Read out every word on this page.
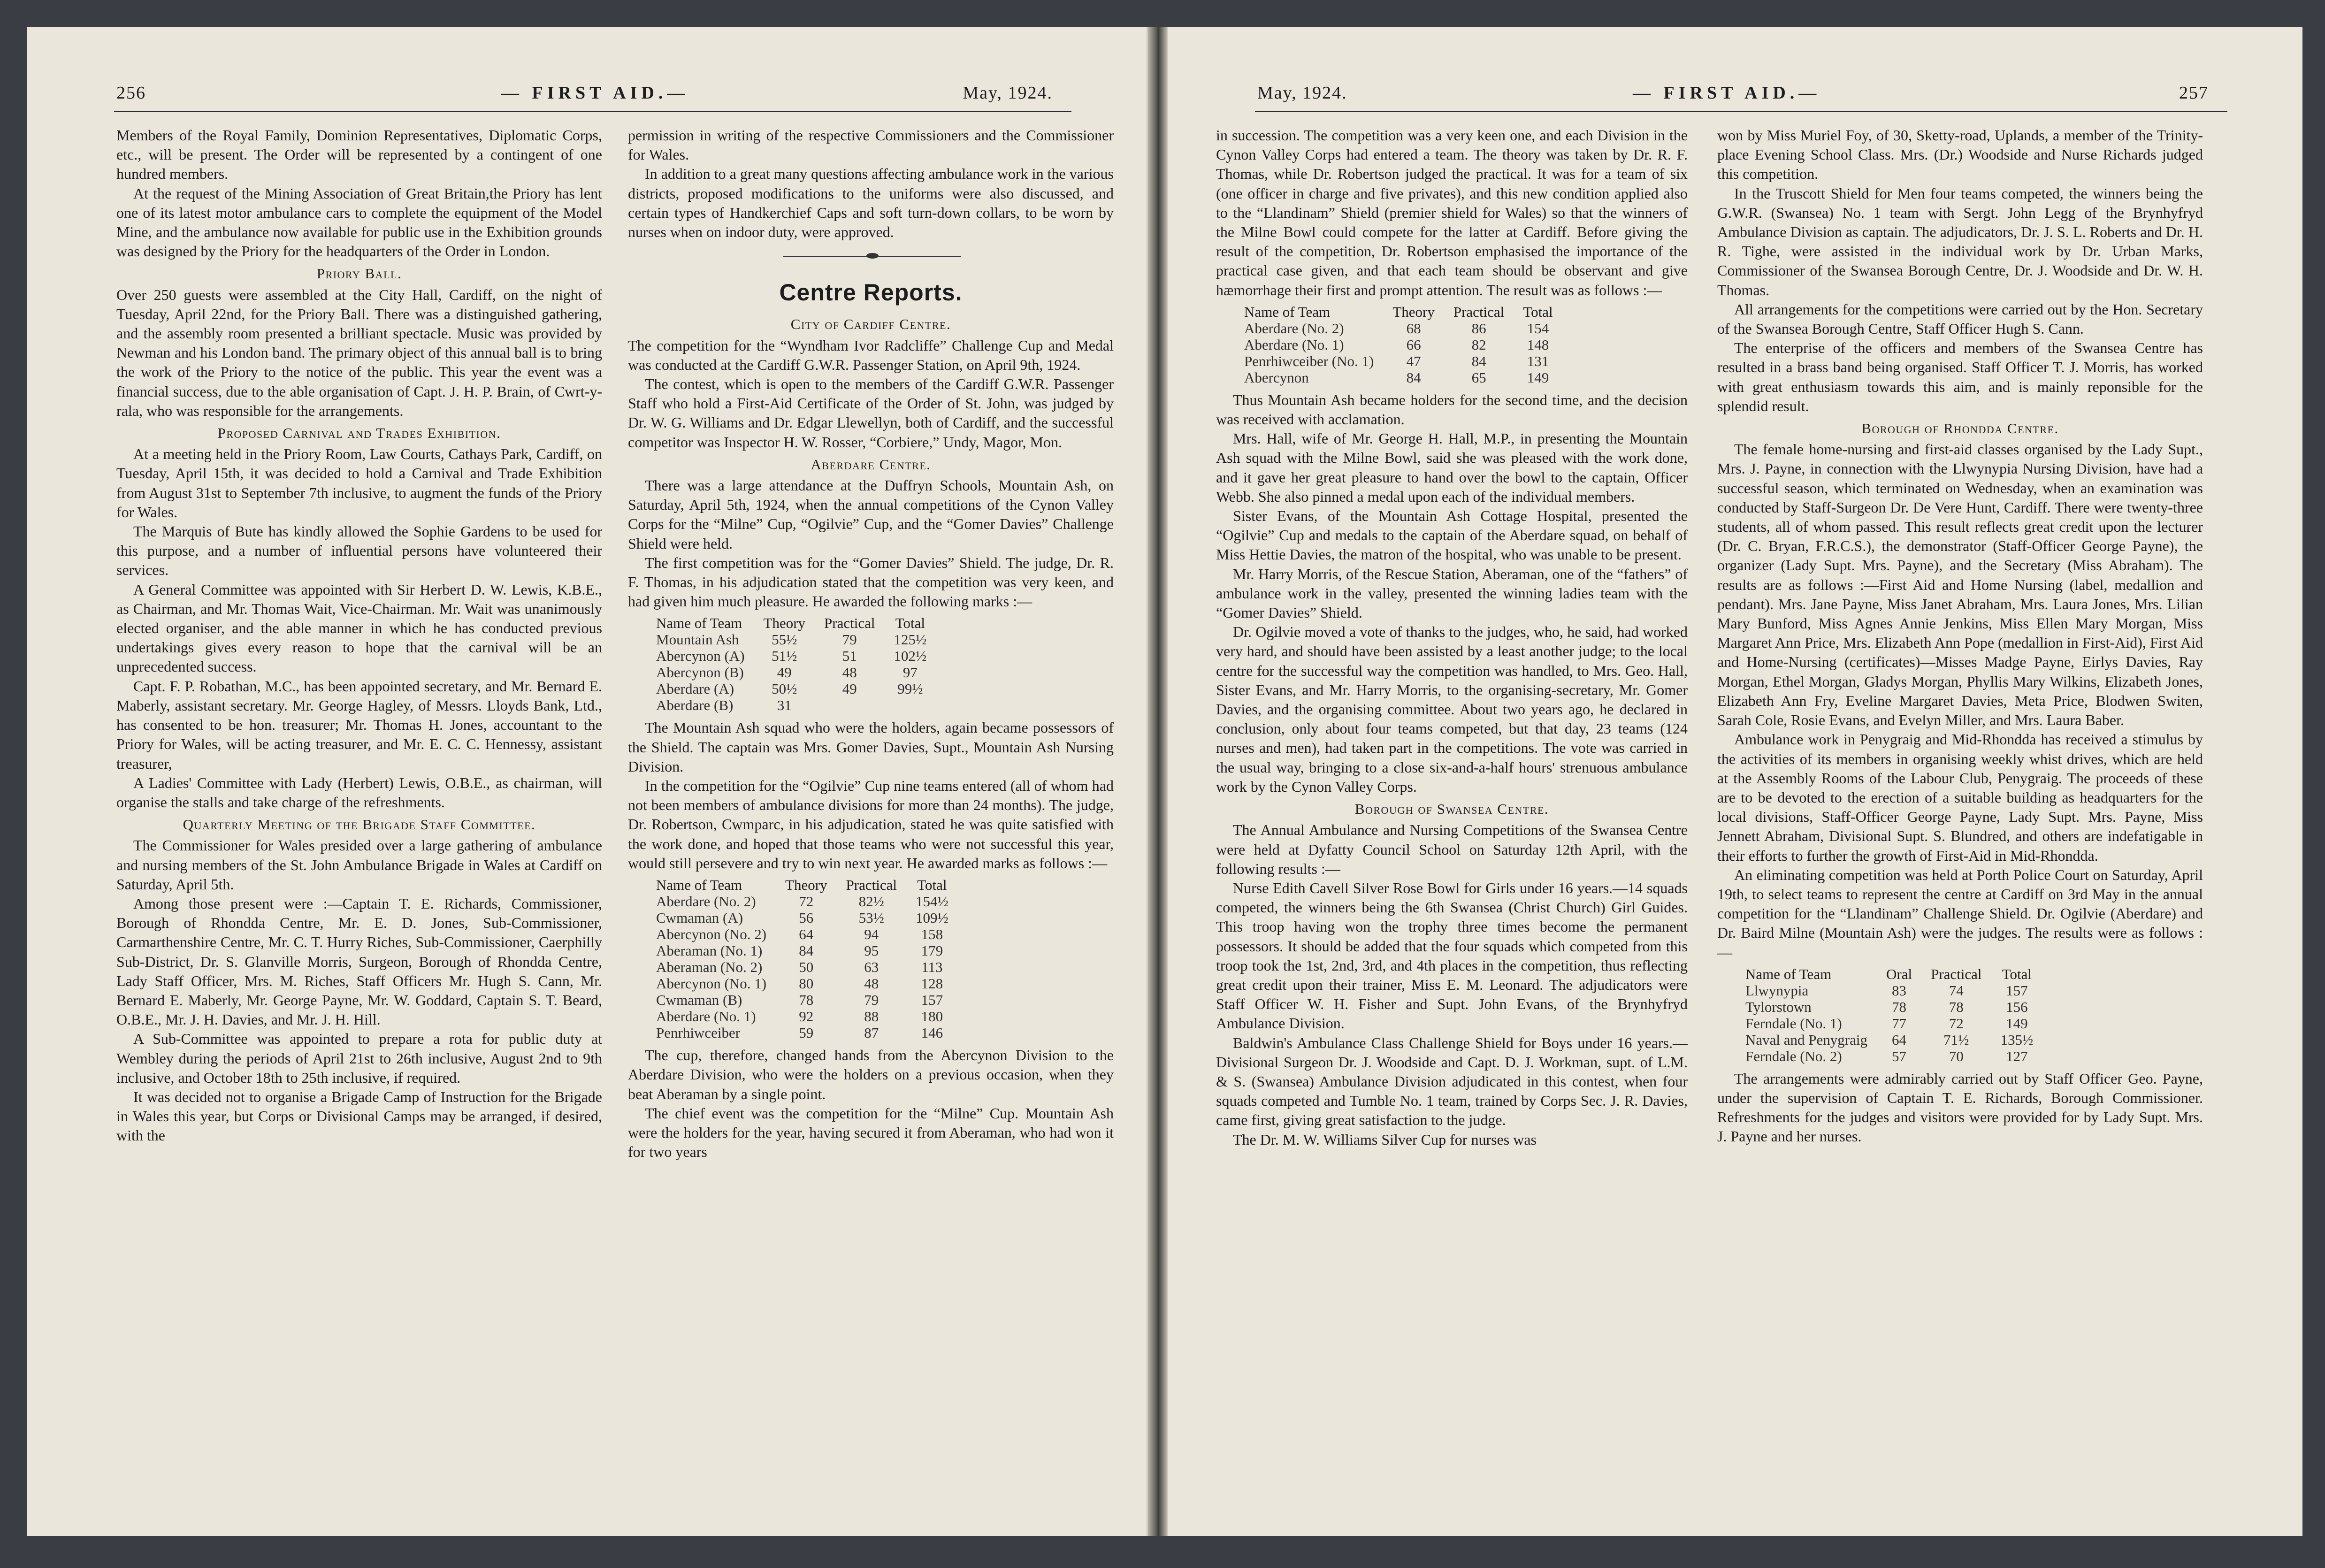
256	— FIRST AID.—	May, 1924.

Members of the Royal Family, Dominion Representatives, Diplomatic Corps, etc., will be present. The Order will be represented by a contingent of one hundred members.

At the request of the Mining Association of Great Britain,the Priory has lent one of its latest motor ambulance cars to complete the equipment of the Model Mine, and the ambulance now available for public use in the Exhibition grounds was designed by the Priory for the headquarters of the Order in London.

Priory Ball.

Over 250 guests were assembled at the City Hall, Cardiff, on the night of Tuesday, April 22nd, for the Priory Ball. There was a distinguished gathering, and the assembly room presented a brilliant spectacle. Music was provided by Newman and his London band. The primary object of this annual ball is to bring the work of the Priory to the notice of the public. This year the event was a financial success, due to the able organisation of Capt. J. H. P. Brain, of Cwrt-y-rala, who was responsible for the arrangements.

Proposed Carnival and Trades Exhibition.

At a meeting held in the Priory Room, Law Courts, Cathays Park, Cardiff, on Tuesday, April 15th, it was decided to hold a Carnival and Trade Exhibition from August 31st to September 7th inclusive, to augment the funds of the Priory for Wales.

The Marquis of Bute has kindly allowed the Sophie Gardens to be used for this purpose, and a number of influential persons have volunteered their services.

A General Committee was appointed with Sir Herbert D. W. Lewis, K.B.E., as Chairman, and Mr. Thomas Wait, Vice-Chairman. Mr. Wait was unanimously elected organiser, and the able manner in which he has conducted previous undertakings gives every reason to hope that the carnival will be an unprecedented success.

Capt. F. P. Robathan, M.C., has been appointed secretary, and Mr. Bernard E. Maberly, assistant secretary. Mr. George Hagley, of Messrs. Lloyds Bank, Ltd., has consented to be hon. treasurer; Mr. Thomas H. Jones, accountant to the Priory for Wales, will be acting treasurer, and Mr. E. C. C. Hennessy, assistant treasurer,

A Ladies' Committee with Lady (Herbert) Lewis, O.B.E., as chairman, will organise the stalls and take charge of the refreshments.

Quarterly Meeting of the Brigade Staff Committee.

The Commissioner for Wales presided over a large gathering of ambulance and nursing members of the St. John Ambulance Brigade in Wales at Cardiff on Saturday, April 5th.

Among those present were :—Captain T. E. Richards, Commissioner, Borough of Rhondda Centre, Mr. E. D. Jones, Sub-Commissioner, Carmarthenshire Centre, Mr. C. T. Hurry Riches, Sub-Commissioner, Caerphilly Sub-District, Dr. S. Glanville Morris, Surgeon, Borough of Rhondda Centre, Lady Staff Officer, Mrs. M. Riches, Staff Officers Mr. Hugh S. Cann, Mr. Bernard E. Maberly, Mr. George Payne, Mr. W. Goddard, Captain S. T. Beard, O.B.E., Mr. J. H. Davies, and Mr. J. H. Hill.

A Sub-Committee was appointed to prepare a rota for public duty at Wembley during the periods of April 21st to 26th inclusive, August 2nd to 9th inclusive, and October 18th to 25th inclusive, if required.

It was decided not to organise a Brigade Camp of Instruction for the Brigade in Wales this year, but Corps or Divisional Camps may be arranged, if desired, with the

permission in writing of the respective Commissioners and the Commissioner for Wales.

In addition to a great many questions affecting ambulance work in the various districts, proposed modifications to the uniforms were also discussed, and certain types of Handkerchief Caps and soft turn-down collars, to be worn by nurses when on indoor duty, were approved.

Centre Reports.
City of Cardiff Centre.

The competition for the “Wyndham Ivor Radcliffe” Challenge Cup and Medal was conducted at the Cardiff G.W.R. Passenger Station, on April 9th, 1924.

The contest, which is open to the members of the Cardiff G.W.R. Passenger Staff who hold a First-Aid Certificate of the Order of St. John, was judged by Dr. W. G. Williams and Dr. Edgar Llewellyn, both of Cardiff, and the successful competitor was Inspector H. W. Rosser, “Corbiere,” Undy, Magor, Mon.

Aberdare Centre.

There was a large attendance at the Duffryn Schools, Mountain Ash, on Saturday, April 5th, 1924, when the annual competitions of the Cynon Valley Corps for the “Milne” Cup, “Ogilvie” Cup, and the “Gomer Davies” Challenge Shield were held.

The first competition was for the “Gomer Davies” Shield. The judge, Dr. R. F. Thomas, in his adjudication stated that the competition was very keen, and had given him much pleasure. He awarded the following marks :—

Name of Team	Theory	Practical	Total
Mountain Ash	55½	79	125½
Abercynon (A)	51½	51	102½
Abercynon (B)	49	48	97
Aberdare (A)	50½	49	99½
Aberdare (B)	31		

The Mountain Ash squad who were the holders, again became possessors of the Shield. The captain was Mrs. Gomer Davies, Supt., Mountain Ash Nursing Division.

In the competition for the “Ogilvie” Cup nine teams entered (all of whom had not been members of ambulance divisions for more than 24 months). The judge, Dr. Robertson, Cwmparc, in his adjudication, stated he was quite satisfied with the work done, and hoped that those teams who were not successful this year, would still persevere and try to win next year. He awarded marks as follows :—

Name of Team	Theory	Practical	Total
Aberdare (No. 2)	72	82½	154½
Cwmaman (A)	56	53½	109½
Abercynon (No. 2)	64	94	158
Aberaman (No. 1)	84	95	179
Aberaman (No. 2)	50	63	113
Abercynon (No. 1)	80	48	128
Cwmaman (B)	78	79	157
Aberdare (No. 1)	92	88	180
Penrhiwceiber	59	87	146

The cup, therefore, changed hands from the Abercynon Division to the Aberdare Division, who were the holders on a previous occasion, when they beat Aberaman by a single point.

The chief event was the competition for the “Milne” Cup. Mountain Ash were the holders for the year, having secured it from Aberaman, who had won it for two years

May, 1924.	— FIRST AID.—	257

in succession. The competition was a very keen one, and each Division in the Cynon Valley Corps had entered a team. The theory was taken by Dr. R. F. Thomas, while Dr. Robertson judged the practical. It was for a team of six (one officer in charge and five privates), and this new condition applied also to the “Llandinam” Shield (premier shield for Wales) so that the winners of the Milne Bowl could compete for the latter at Cardiff. Before giving the result of the competition, Dr. Robertson emphasised the importance of the practical case given, and that each team should be observant and give hæmorrhage their first and prompt attention. The result was as follows :—

Name of Team	Theory	Practical	Total
Aberdare (No. 2)	68	86	154
Aberdare (No. 1)	66	82	148
Penrhiwceiber (No. 1)	47	84	131
Abercynon	84	65	149

Thus Mountain Ash became holders for the second time, and the decision was received with acclamation.

Mrs. Hall, wife of Mr. George H. Hall, M.P., in presenting the Mountain Ash squad with the Milne Bowl, said she was pleased with the work done, and it gave her great pleasure to hand over the bowl to the captain, Officer Webb. She also pinned a medal upon each of the individual members.

Sister Evans, of the Mountain Ash Cottage Hospital, presented the “Ogilvie” Cup and medals to the captain of the Aberdare squad, on behalf of Miss Hettie Davies, the matron of the hospital, who was unable to be present.

Mr. Harry Morris, of the Rescue Station, Aberaman, one of the “fathers” of ambulance work in the valley, presented the winning ladies team with the “Gomer Davies” Shield.

Dr. Ogilvie moved a vote of thanks to the judges, who, he said, had worked very hard, and should have been assisted by a least another judge; to the local centre for the successful way the competition was handled, to Mrs. Geo. Hall, Sister Evans, and Mr. Harry Morris, to the organising-secretary, Mr. Gomer Davies, and the organising committee. About two years ago, he declared in conclusion, only about four teams competed, but that day, 23 teams (124 nurses and men), had taken part in the competitions. The vote was carried in the usual way, bringing to a close six-and-a-half hours' strenuous ambulance work by the Cynon Valley Corps.

Borough of Swansea Centre.

The Annual Ambulance and Nursing Competitions of the Swansea Centre were held at Dyfatty Council School on Saturday 12th April, with the following results :—

Nurse Edith Cavell Silver Rose Bowl for Girls under 16 years.—14 squads competed, the winners being the 6th Swansea (Christ Church) Girl Guides. This troop having won the trophy three times become the permanent possessors. It should be added that the four squads which competed from this troop took the 1st, 2nd, 3rd, and 4th places in the competition, thus reflecting great credit upon their trainer, Miss E. M. Leonard. The adjudicators were Staff Officer W. H. Fisher and Supt. John Evans, of the Brynhyfryd Ambulance Division.

Baldwin's Ambulance Class Challenge Shield for Boys under 16 years.—Divisional Surgeon Dr. J. Woodside and Capt. D. J. Workman, supt. of L.M. & S. (Swansea) Ambulance Division adjudicated in this contest, when four squads competed and Tumble No. 1 team, trained by Corps Sec. J. R. Davies, came first, giving great satisfaction to the judge.

The Dr. M. W. Williams Silver Cup for nurses was

won by Miss Muriel Foy, of 30, Sketty-road, Uplands, a member of the Trinity-place Evening School Class. Mrs. (Dr.) Woodside and Nurse Richards judged this competition.

In the Truscott Shield for Men four teams competed, the winners being the G.W.R. (Swansea) No. 1 team with Sergt. John Legg of the Brynhyfryd Ambulance Division as captain. The adjudicators, Dr. J. S. L. Roberts and Dr. H. R. Tighe, were assisted in the individual work by Dr. Urban Marks, Commissioner of the Swansea Borough Centre, Dr. J. Woodside and Dr. W. H. Thomas.

All arrangements for the competitions were carried out by the Hon. Secretary of the Swansea Borough Centre, Staff Officer Hugh S. Cann.

The enterprise of the officers and members of the Swansea Centre has resulted in a brass band being organised. Staff Officer T. J. Morris, has worked with great enthusiasm towards this aim, and is mainly reponsible for the splendid result.

Borough of Rhondda Centre.

The female home-nursing and first-aid classes organised by the Lady Supt., Mrs. J. Payne, in connection with the Llwynypia Nursing Division, have had a successful season, which terminated on Wednesday, when an examination was conducted by Staff-Surgeon Dr. De Vere Hunt, Cardiff. There were twenty-three students, all of whom passed. This result reflects great credit upon the lecturer (Dr. C. Bryan, F.R.C.S.), the demonstrator (Staff-Officer George Payne), the organizer (Lady Supt. Mrs. Payne), and the Secretary (Miss Abraham). The results are as follows :—First Aid and Home Nursing (label, medallion and pendant). Mrs. Jane Payne, Miss Janet Abraham, Mrs. Laura Jones, Mrs. Lilian Mary Bunford, Miss Agnes Annie Jenkins, Miss Ellen Mary Morgan, Miss Margaret Ann Price, Mrs. Elizabeth Ann Pope (medallion in First-Aid), First Aid and Home-Nursing (certificates)—Misses Madge Payne, Eirlys Davies, Ray Morgan, Ethel Morgan, Gladys Morgan, Phyllis Mary Wilkins, Elizabeth Jones, Elizabeth Ann Fry, Eveline Margaret Davies, Meta Price, Blodwen Switen, Sarah Cole, Rosie Evans, and Evelyn Miller, and Mrs. Laura Baber.

Ambulance work in Penygraig and Mid-Rhondda has received a stimulus by the activities of its members in organising weekly whist drives, which are held at the Assembly Rooms of the Labour Club, Penygraig. The proceeds of these are to be devoted to the erection of a suitable building as headquarters for the local divisions, Staff-Officer George Payne, Lady Supt. Mrs. Payne, Miss Jennett Abraham, Divisional Supt. S. Blundred, and others are indefatigable in their efforts to further the growth of First-Aid in Mid-Rhondda.

An eliminating competition was held at Porth Police Court on Saturday, April 19th, to select teams to represent the centre at Cardiff on 3rd May in the annual competition for the “Llandinam” Challenge Shield. Dr. Ogilvie (Aberdare) and Dr. Baird Milne (Mountain Ash) were the judges. The results were as follows :—

Name of Team	Oral	Practical	Total
Llwynypia	83	74	157
Tylorstown	78	78	156
Ferndale (No. 1)	77	72	149
Naval and Penygraig	64	71½	135½
Ferndale (No. 2)	57	70	127

The arrangements were admirably carried out by Staff Officer Geo. Payne, under the supervision of Captain T. E. Richards, Borough Commissioner. Refreshments for the judges and visitors were provided for by Lady Supt. Mrs. J. Payne and her nurses.
